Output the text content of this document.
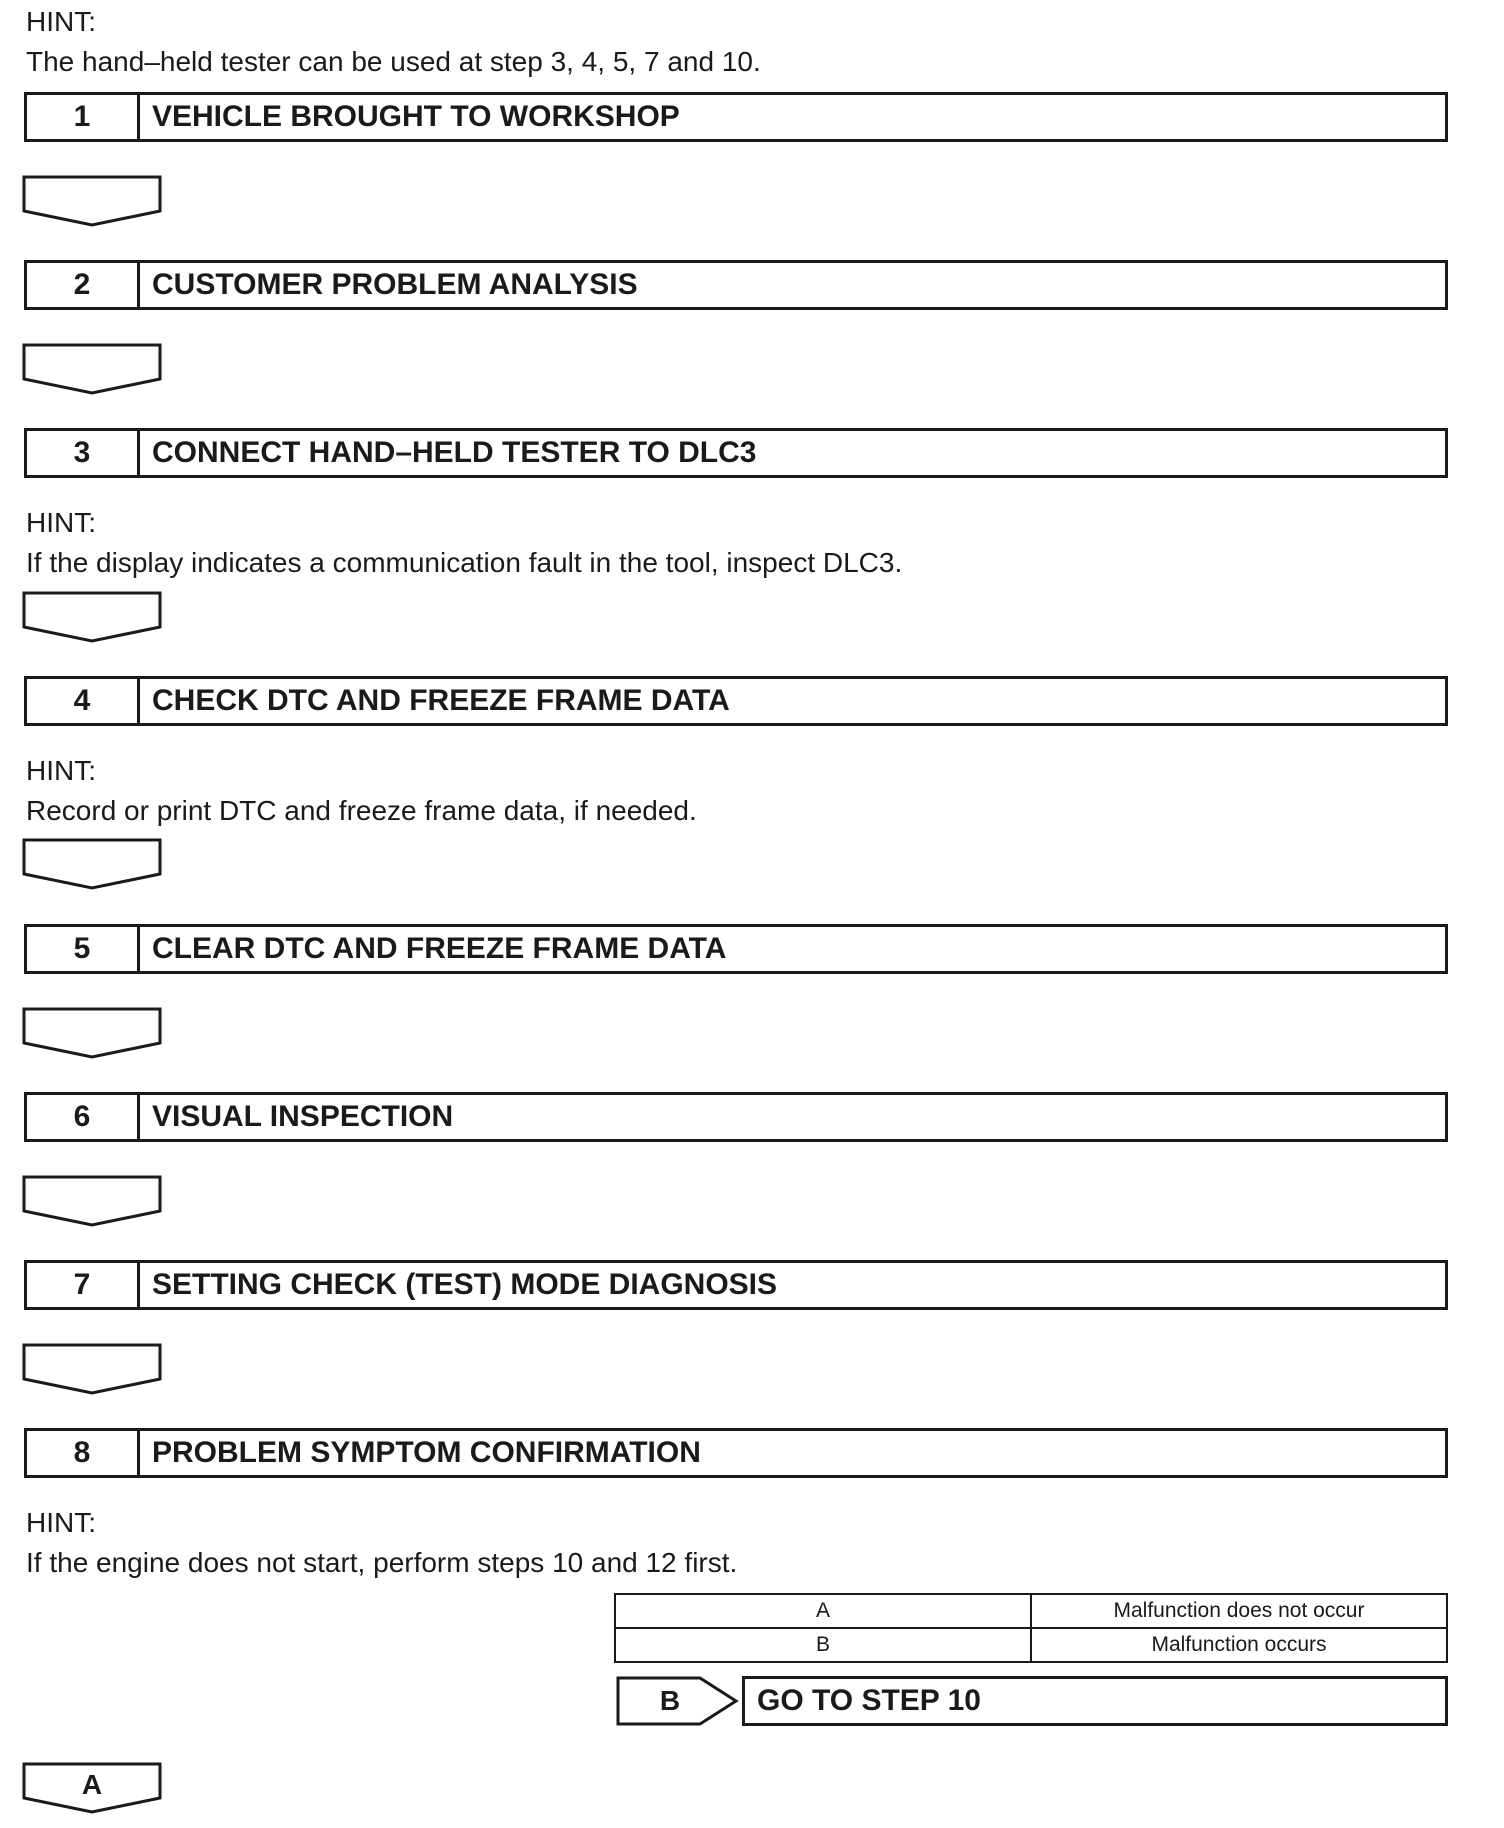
HINT:
The hand–held tester can be used at step 3, 4, 5, 7 and 10.
1	VEHICLE BROUGHT TO WORKSHOP
2	CUSTOMER PROBLEM ANALYSIS
3	CONNECT HAND–HELD TESTER TO DLC3
HINT:
If the display indicates a communication fault in the tool, inspect DLC3.
4	CHECK DTC AND FREEZE FRAME DATA
HINT:
Record or print DTC and freeze frame data, if needed.
5	CLEAR DTC AND FREEZE FRAME DATA
6	VISUAL INSPECTION
7	SETTING CHECK (TEST) MODE DIAGNOSIS
8	PROBLEM SYMPTOM CONFIRMATION
HINT:
If the engine does not start, perform steps 10 and 12 first.
A	Malfunction does not occur
B	Malfunction occurs
B	GO TO STEP 10
A
